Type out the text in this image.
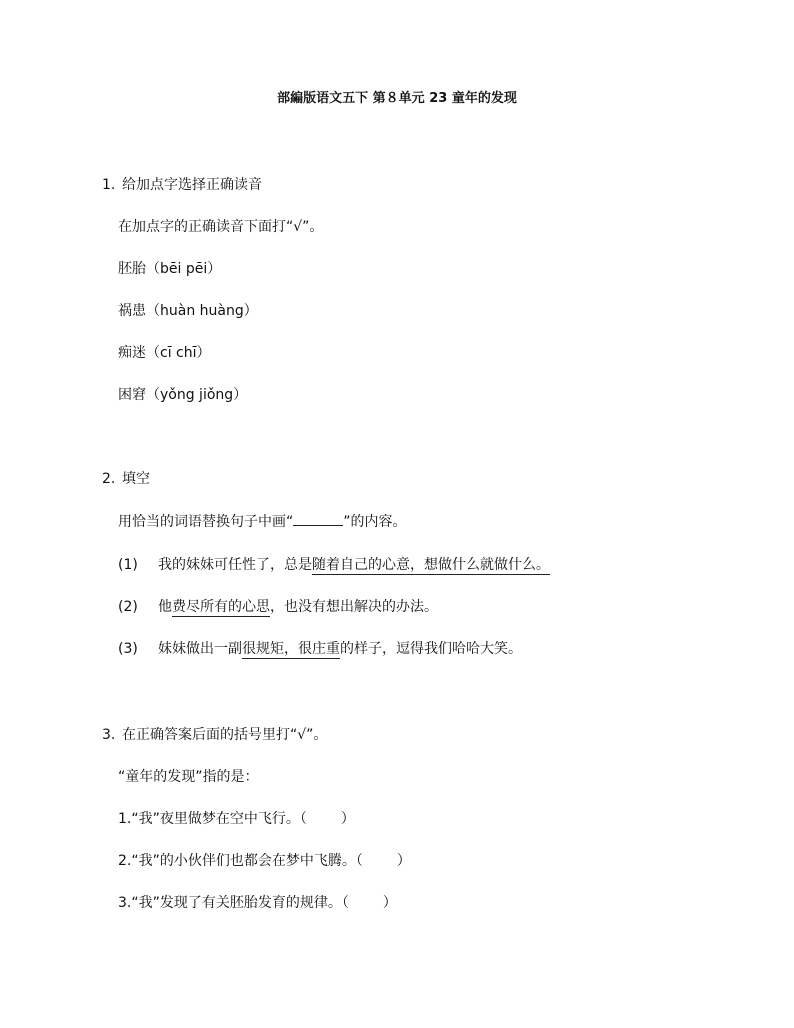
部編版语文五下 第８单元 23 童年的发现
1. 给加点字选择正确读音
在加点字的正确读音下面打“√”。
胚胎（bēi pēi）
祸患（huàn huàng）
痴迷（cī chī）
困窘（yǒng jiǒng）
2. 填空
用恰当的词语替换句子中画“	”的内容。
(1) 我的妹妹可任性了，总是随着自己的心意，想做什么就做什么。
(2) 他费尽所有的心思，也没有想出解决的办法。
(3) 妹妹做出一副很规矩，很庄重的样子，逗得我们哈哈大笑。
3. 在正确答案后面的括号里打“√”。
“童年的发现”指的是：
1.“我”夜里做梦在空中飞行。（ ）
2.“我”的小伙伴们也都会在梦中飞腾。（ ）
3.“我”发现了有关胚胎发育的规律。（ ）
